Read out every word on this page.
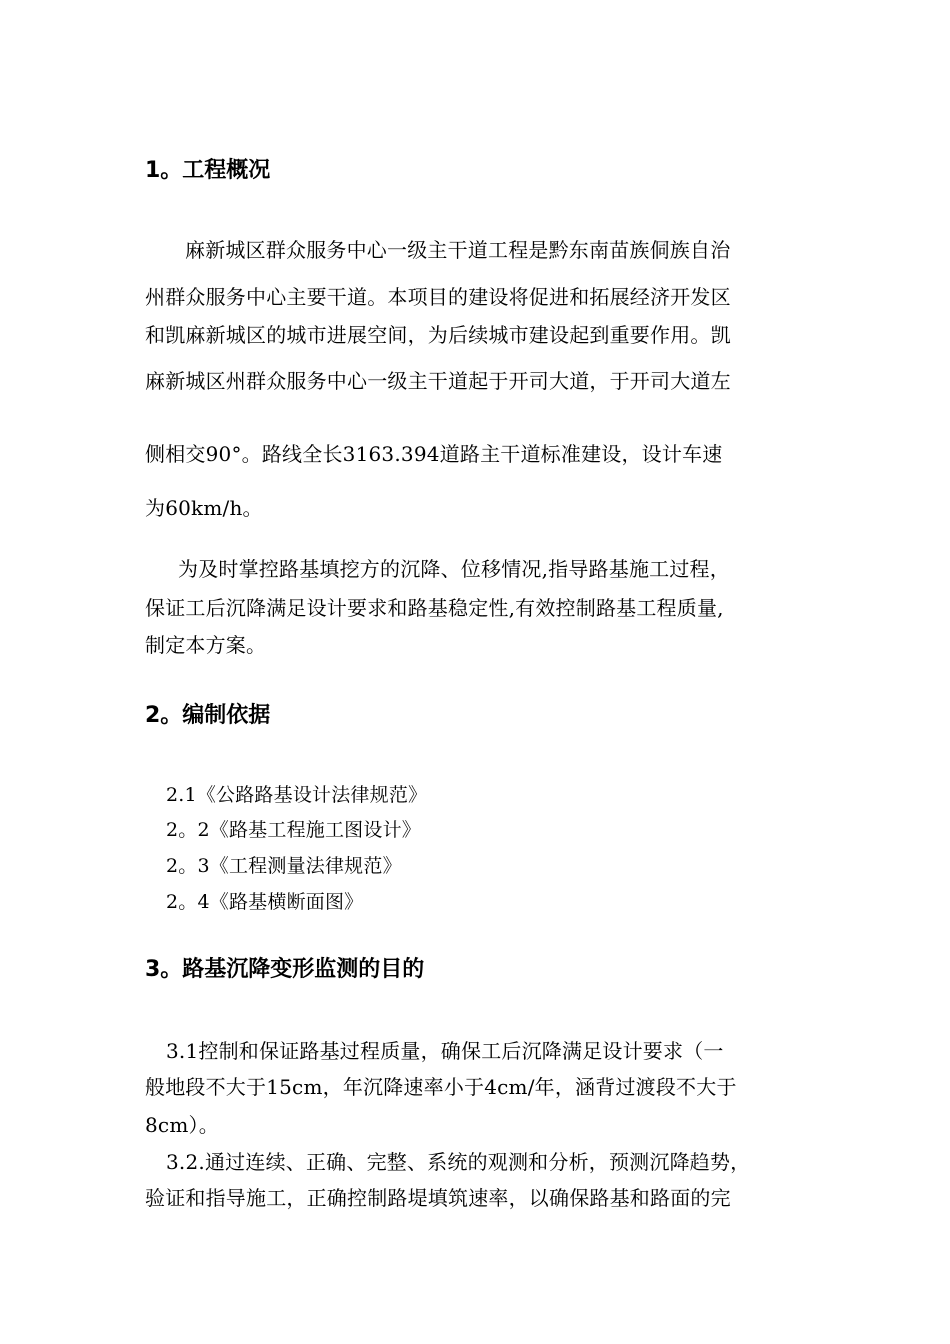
1。工程概况
麻新城区群众服务中心一级主干道工程是黔东南苗族侗族自治
州群众服务中心主要干道。本项目的建设将促进和拓展经济开发区
和凯麻新城区的城市进展空间，为后续城市建设起到重要作用。凯
麻新城区州群众服务中心一级主干道起于开司大道，于开司大道左
侧相交90°。路线全长3163.394道路主干道标准建设，设计车速
为60km/h。
为及时掌控路基填挖方的沉降、位移情况,指导路基施工过程，
保证工后沉降满足设计要求和路基稳定性,有效控制路基工程质量,
制定本方案。
2。编制依据
2.1《公路路基设计法律规范》
2。2《路基工程施工图设计》
2。3《工程测量法律规范》
2。4《路基横断面图》
3。路基沉降变形监测的目的
3.1控制和保证路基过程质量，确保工后沉降满足设计要求（一
般地段不大于15cm，年沉降速率小于4cm/年，涵背过渡段不大于
8cm）。
3.2.通过连续、正确、完整、系统的观测和分析，预测沉降趋势，
验证和指导施工，正确控制路堤填筑速率，以确保路基和路面的完
